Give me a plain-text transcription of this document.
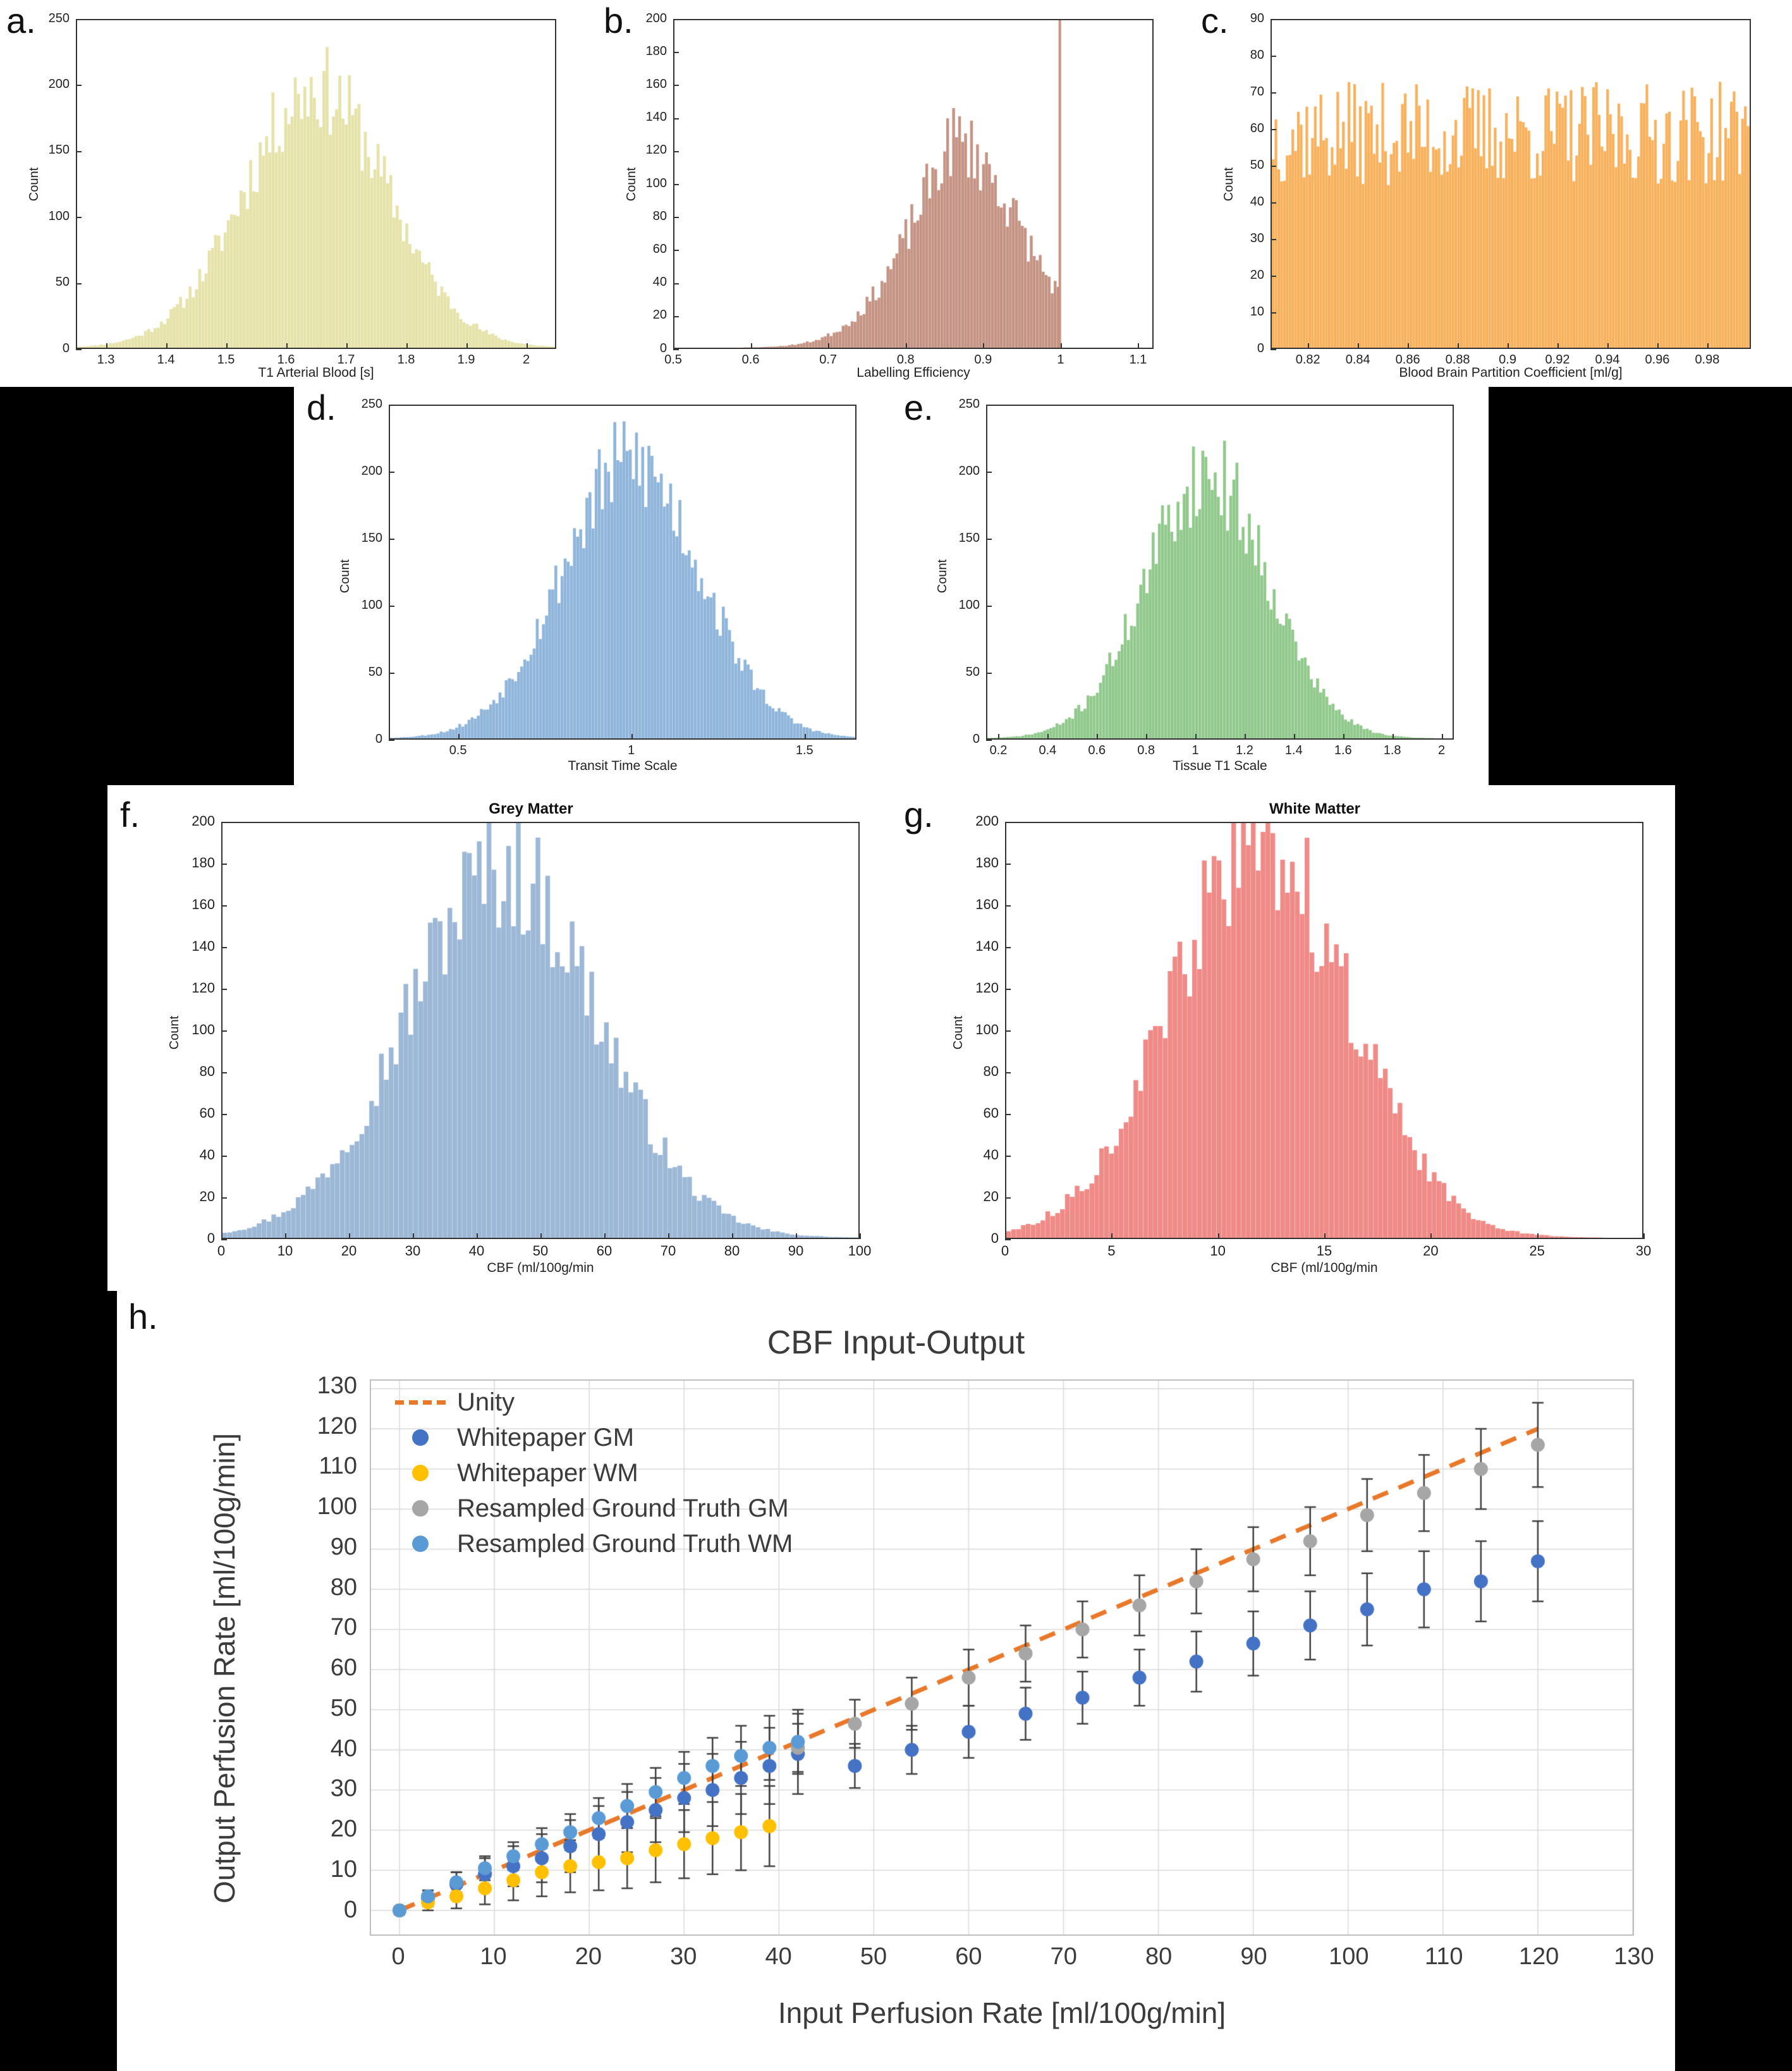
a.
Count
T1 Arterial Blood [s]
1.3	1.4	1.5	1.6	1.7	1.8	1.9	2
0
50
100
150
200
250	b.
Count
Labelling Efficiency
0.5	0.6	0.7	0.8	0.9	1	1.1
0
20
40
60
80
100
120
140
160
180
200	c.
Count
Blood Brain Partition Coefficient [ml/g]
0.82	0.84	0.86	0.88	0.9	0.92	0.94	0.96	0.98
0
10
20
30
40
50
60
70
80
90
d.
Count
Transit Time Scale
0.5	1	1.5
0
50
100
150
200
250	e.
Count
Tissue T1 Scale
0.2	0.4	0.6	0.8	1	1.2	1.4	1.6	1.8	2
0
50
100
150
200
250
f.	Grey Matter
Count
CBF (ml/100g/min
0	10	20	30	40	50	60	70	80	90	100
0
20
40
60
80
100
120
140
160
180
200	g.	White Matter
Count
CBF (ml/100g/min
0	5	10	15	20	25	30
0
20
40
60
80
100
120
140
160
180
200
h.
CBF Input-Output
Unity
Whitepaper GM
Whitepaper WM
Resampled Ground Truth GM
Resampled Ground Truth WM
Output Perfusion Rate [ml/100g/min]
Input Perfusion Rate [ml/100g/min]
0	10	20	30	40	50	60	70	80	90	100	110	120	130
0
10
20
30
40
50
60
70
80
90
100
110
120
130
